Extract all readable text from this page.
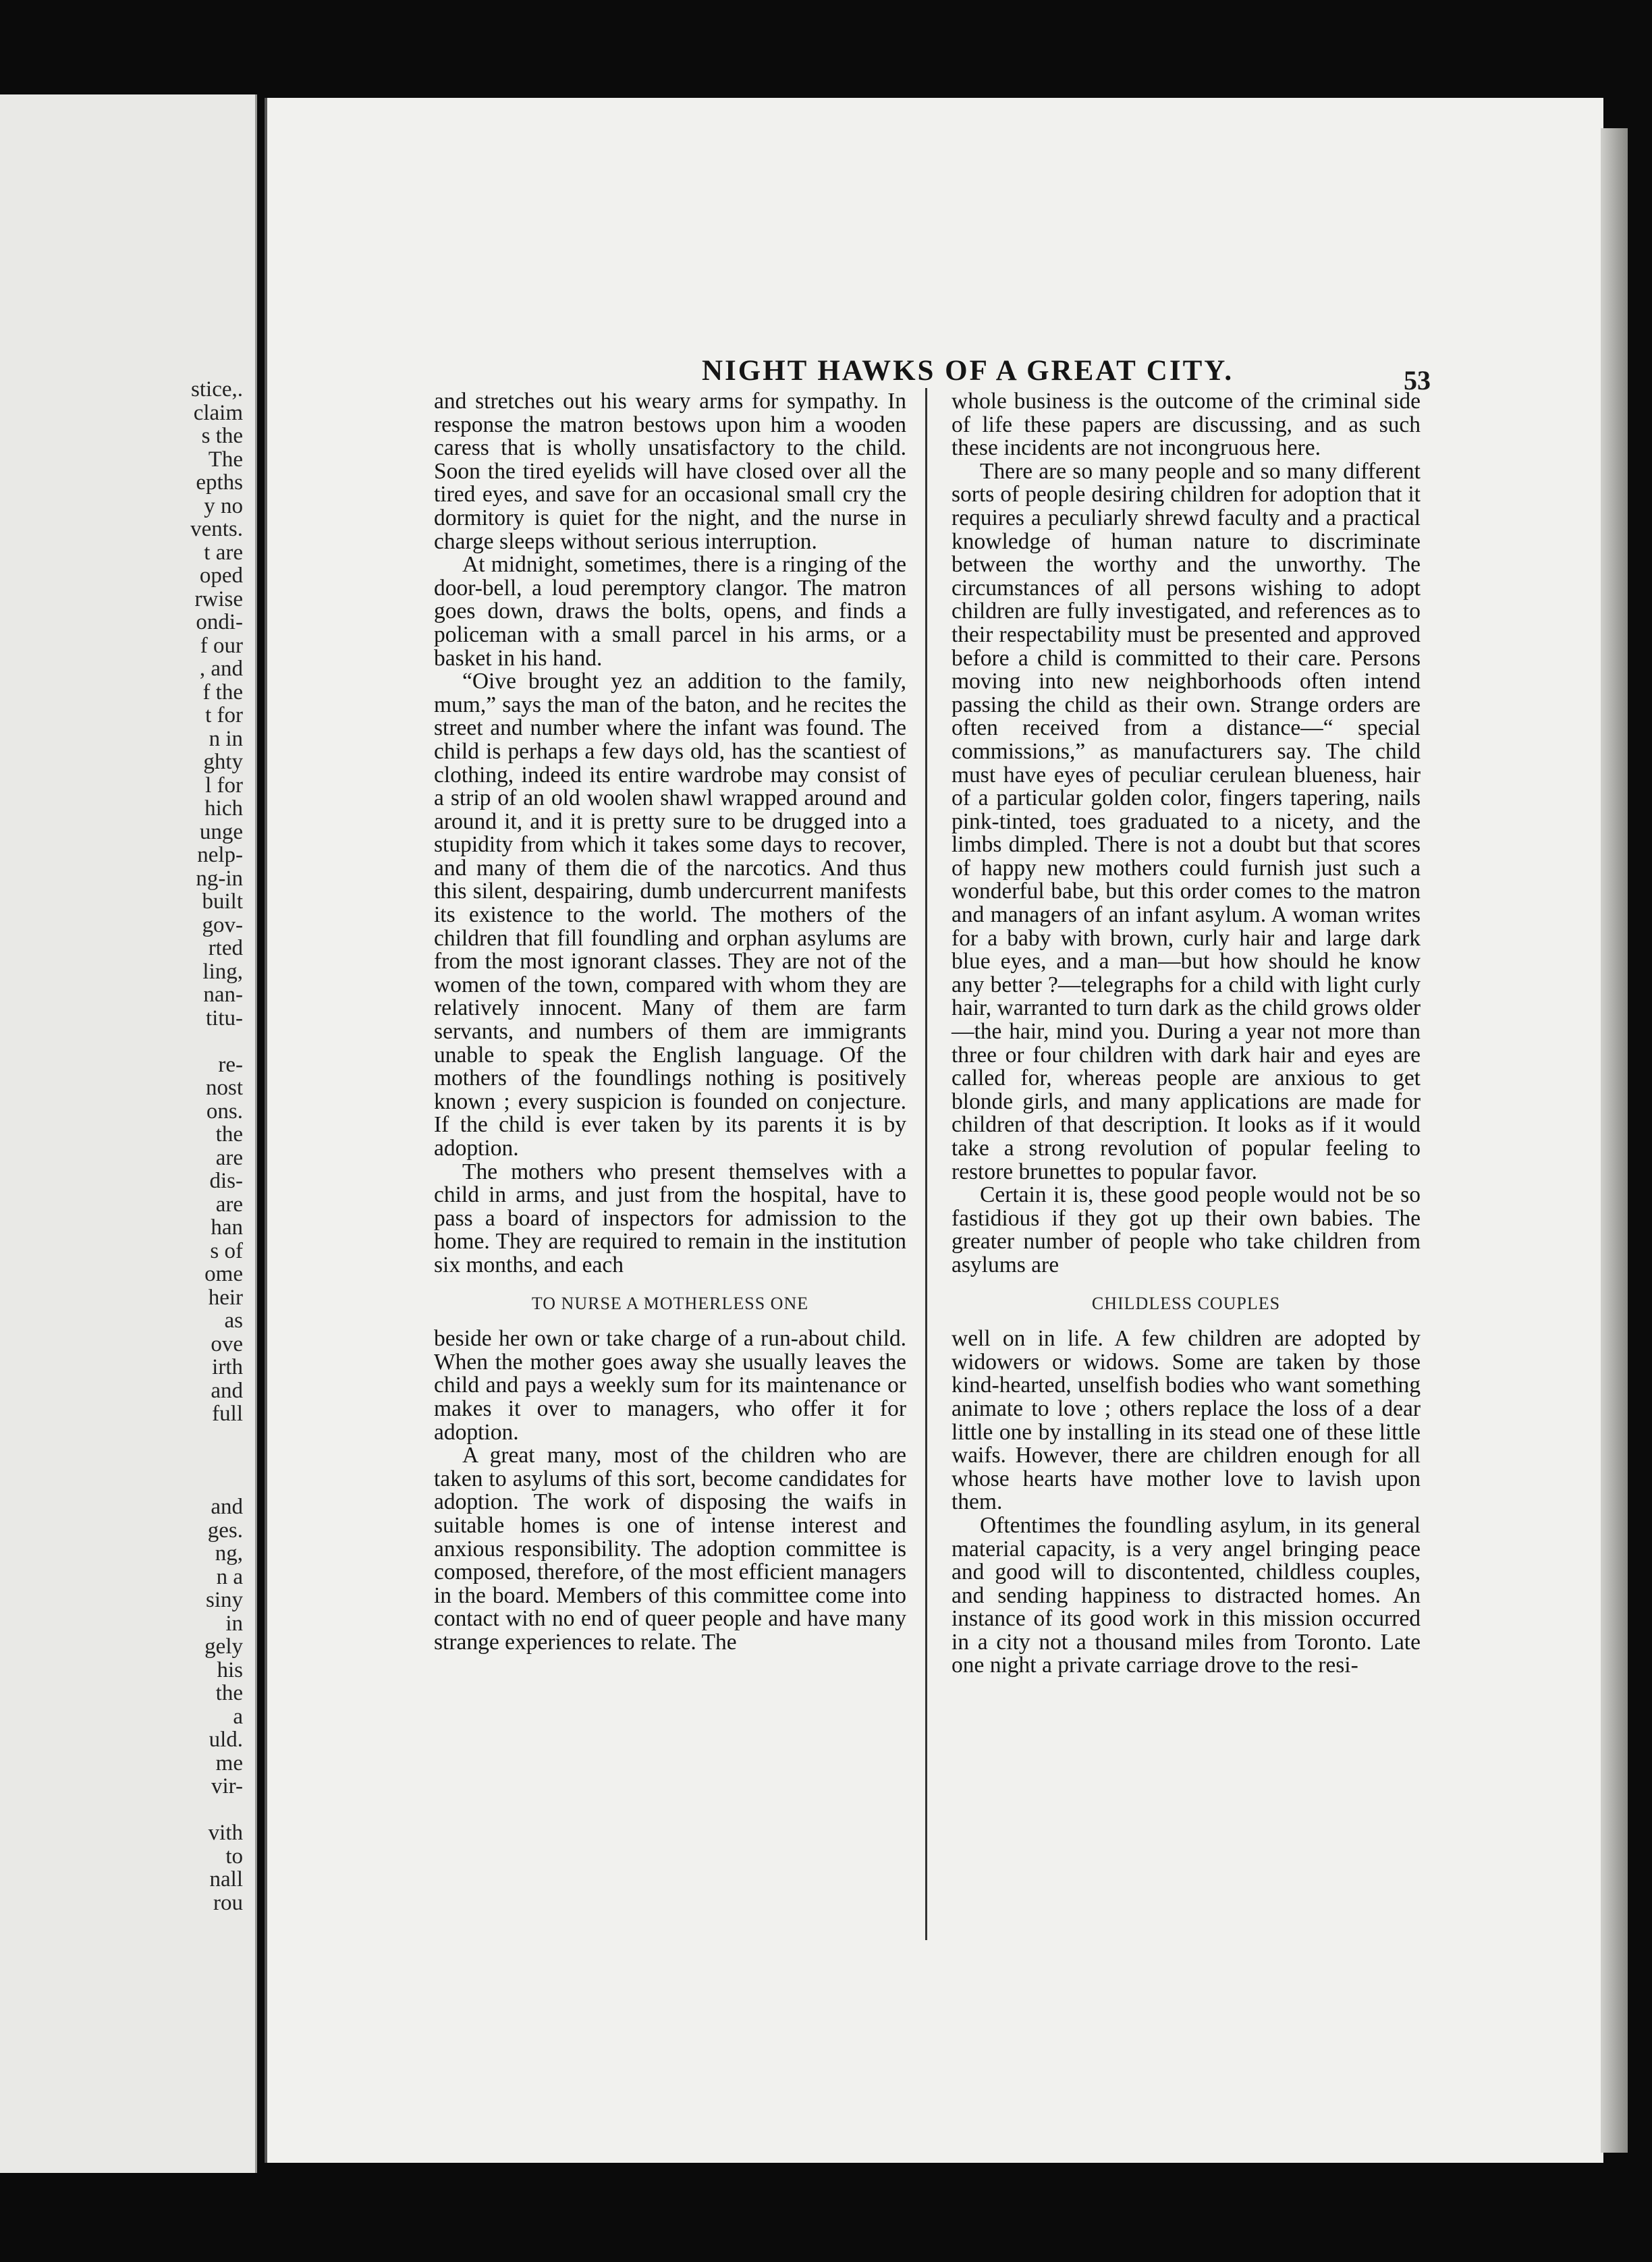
stice,.
claim
s the
The
epths
y no
vents.
t are
oped
rwise
ondi-
f our
, and
f the
t for
n in
ghty
l for
hich
unge
nelp-
ng-in
built
gov-
rted
ling,
nan-
titu-
re-
nost
ons.
the
are
dis-
are
han
s of
ome
heir
as
ove
irth
and
full
and
ges.
ng,
n a
siny
in
gely
his
the
a
uld.
me
vir-
vith
to
nall
rou
NIGHT HAWKS OF A GREAT CITY.	53

and stretches out his weary arms for sympathy. In response the matron bestows upon him a wooden caress that is wholly unsatisfactory to the child. Soon the tired eyelids will have closed over all the tired eyes, and save for an occasional small cry the dormitory is quiet for the night, and the nurse in charge sleeps without serious interruption.

At midnight, sometimes, there is a ringing of the door-bell, a loud peremptory clangor. The matron goes down, draws the bolts, opens, and finds a policeman with a small parcel in his arms, or a basket in his hand.

“Oive brought yez an addition to the family, mum,” says the man of the baton, and he recites the street and number where the infant was found. The child is perhaps a few days old, has the scantiest of clothing, indeed its entire wardrobe may consist of a strip of an old woolen shawl wrapped around and around it, and it is pretty sure to be drugged into a stupidity from which it takes some days to recover, and many of them die of the narcotics. And thus this silent, despairing, dumb undercurrent manifests its existence to the world. The mothers of the children that fill foundling and orphan asylums are from the most ignorant classes. They are not of the women of the town, compared with whom they are relatively innocent. Many of them are farm servants, and numbers of them are immigrants unable to speak the English language. Of the mothers of the foundlings nothing is positively known ; every suspicion is founded on conjecture. If the child is ever taken by its parents it is by adoption.

The mothers who present themselves with a child in arms, and just from the hospital, have to pass a board of inspectors for admission to the home. They are required to remain in the institution six months, and each

TO NURSE A MOTHERLESS ONE

beside her own or take charge of a run-about child. When the mother goes away she usually leaves the child and pays a weekly sum for its maintenance or makes it over to managers, who offer it for adoption.

A great many, most of the children who are taken to asylums of this sort, become candidates for adoption. The work of disposing the waifs in suitable homes is one of intense interest and anxious responsibility. The adoption committee is composed, therefore, of the most efficient managers in the board. Members of this committee come into contact with no end of queer people and have many strange experiences to relate. The

whole business is the outcome of the criminal side of life these papers are discussing, and as such these incidents are not incongruous here.

There are so many people and so many different sorts of people desiring children for adoption that it requires a peculiarly shrewd faculty and a practical knowledge of human nature to discriminate between the worthy and the unworthy. The circumstances of all persons wishing to adopt children are fully investigated, and references as to their respectability must be presented and approved before a child is committed to their care. Persons moving into new neighborhoods often intend passing the child as their own. Strange orders are often received from a distance—“ special commissions,” as manufacturers say. The child must have eyes of peculiar cerulean blueness, hair of a particular golden color, fingers tapering, nails pink-tinted, toes graduated to a nicety, and the limbs dimpled. There is not a doubt but that scores of happy new mothers could furnish just such a wonderful babe, but this order comes to the matron and managers of an infant asylum. A woman writes for a baby with brown, curly hair and large dark blue eyes, and a man—but how should he know any better ?—telegraphs for a child with light curly hair, warranted to turn dark as the child grows older—the hair, mind you. During a year not more than three or four children with dark hair and eyes are called for, whereas people are anxious to get blonde girls, and many applications are made for children of that description. It looks as if it would take a strong revolution of popular feeling to restore brunettes to popular favor.

Certain it is, these good people would not be so fastidious if they got up their own babies. The greater number of people who take children from asylums are

CHILDLESS COUPLES

well on in life. A few children are adopted by widowers or widows. Some are taken by those kind-hearted, unselfish bodies who want something animate to love ; others replace the loss of a dear little one by installing in its stead one of these little waifs. However, there are children enough for all whose hearts have mother love to lavish upon them.

Oftentimes the foundling asylum, in its general material capacity, is a very angel bringing peace and good will to discontented, childless couples, and sending happiness to distracted homes. An instance of its good work in this mission occurred in a city not a thousand miles from Toronto. Late one night a private carriage drove to the resi-
